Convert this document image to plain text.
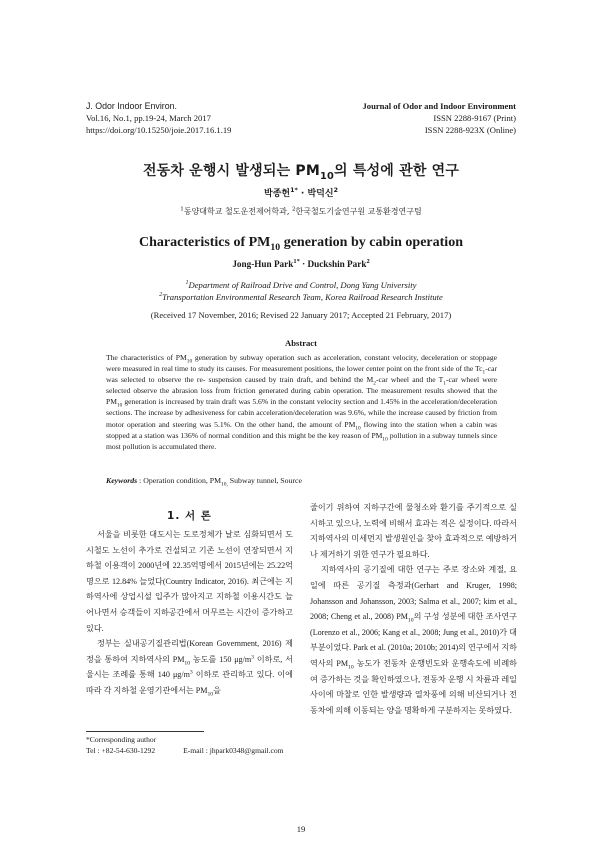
J. Odor Indoor Environ.
Vol.16, No.1, pp.19-24, March 2017
https://doi.org/10.15250/joie.2017.16.1.19
Journal of Odor and Indoor Environment
ISSN 2288-9167 (Print)
ISSN 2288-923X (Online)
전동차 운행시 발생되는 $PM_{10}$의 특성에 관한 연구
박종헌$^{1*}$ · 박덕신$^2$
$^1$동양대학교 철도운전제어학과, $^2$한국철도기술연구원 교통환경연구팀
Characteristics of $PM_{10}$ generation by cabin operation
Jong-Hun Park$^{1*}$ · Duckshin Park$^2$
$^1$Department of Railroad Drive and Control, Dong Yang University
$^2$Transportation Environmental Research Team, Korea Railroad Research Institute
(Received 17 November, 2016; Revised 22 January 2017; Accepted 21 February, 2017)
Abstract
The characteristics of $PM_{10}$ generation by subway operation such as acceleration, constant velocity, deceleration or stoppage were measured in real time to study its causes. For measurement positions, the lower center point on the front side of the $Tc_1$-car was selected to observe the re- suspension caused by train draft, and behind the $M_2$-car wheel and the $T_1$-car wheel were selected observe the abrasion loss from friction generated during cabin operation. The measurement results showed that the $PM_{10}$ generation is increased by train draft was 5.6% in the constant velocity section and 1.45% in the acceleration/deceleration sections. The increase by adhesiveness for cabin acceleration/deceleration was 9.6%, while the increase caused by friction from motor operation and steering was 5.1%. On the other hand, the amount of $PM_{10}$ flowing into the station when a cabin was stopped at a station was 136% of normal condition and this might be the key reason of $PM_{10}$ pollution in a subway tunnels since most pollution is accumulated there.
Keywords : Operation condition, $PM_{10,}$ Subway tunnel, Source
1. 서 론

서울을 비롯한 대도시는 도로정체가 날로 심화되면서 도시철도 노선이 추가로 건설되고 기존 노선이 연장되면서 지하철 이용객이 2000년에 22.35억명에서 2015년에는 25.22억명으로 12.84% 늘었다(Country Indicator, 2016). 최근에는 지하역사에 상업시설 입주가 많아지고 지하철 이용시간도 늘어나면서 승객들이 지하공간에서 머무르는 시간이 증가하고 있다.

정부는 실내공기질관리법(Korean Government, 2016) 제정을 통하여 지하역사의 $PM_{10}$ 농도를 150 $\mu g/m^3$ 이하로, 서울시는 조례를 통해 140 $\mu g/m^3$ 이하로 관리하고 있다. 이에 따라 각 지하철 운영기관에서는 $PM_{10}$을

줄이기 위하여 지하구간에 물청소와 환기를 주기적으로 실시하고 있으나, 노력에 비해서 효과는 적은 실정이다. 따라서 지하역사의 미세먼지 발생원인을 찾아 효과적으로 예방하거나 제거하기 위한 연구가 필요하다.

지하역사의 공기질에 대한 연구는 주로 장소와 계절, 요일에 따른 공기질 측정과(Gerhart and Kruger, 1998; Johansson and Johansson, 2003; Salma et al., 2007; kim et al., 2008; Cheng et al., 2008) $PM_{10}$의 구성 성분에 대한 조사연구(Lorenzo et al., 2006; Kang et al., 2008; Jung et al., 2010)가 대부분이었다. Park et al. (2010a; 2010b; 2014)의 연구에서 지하역사의 $PM_{10}$ 농도가 전동차 운행빈도와 운행속도에 비례하여 증가하는 것을 확인하였으나, 전동차 운행 시 차륜과 레일 사이에 마찰로 인한 발생량과 열차풍에 의해 비산되거나 전동차에 의해 이동되는 양을 명확하게 구분하지는 못하였다.

*Corresponding author
Tel : +82-54-630-1292	E-mail : jhpark0348@gmail.com
19
